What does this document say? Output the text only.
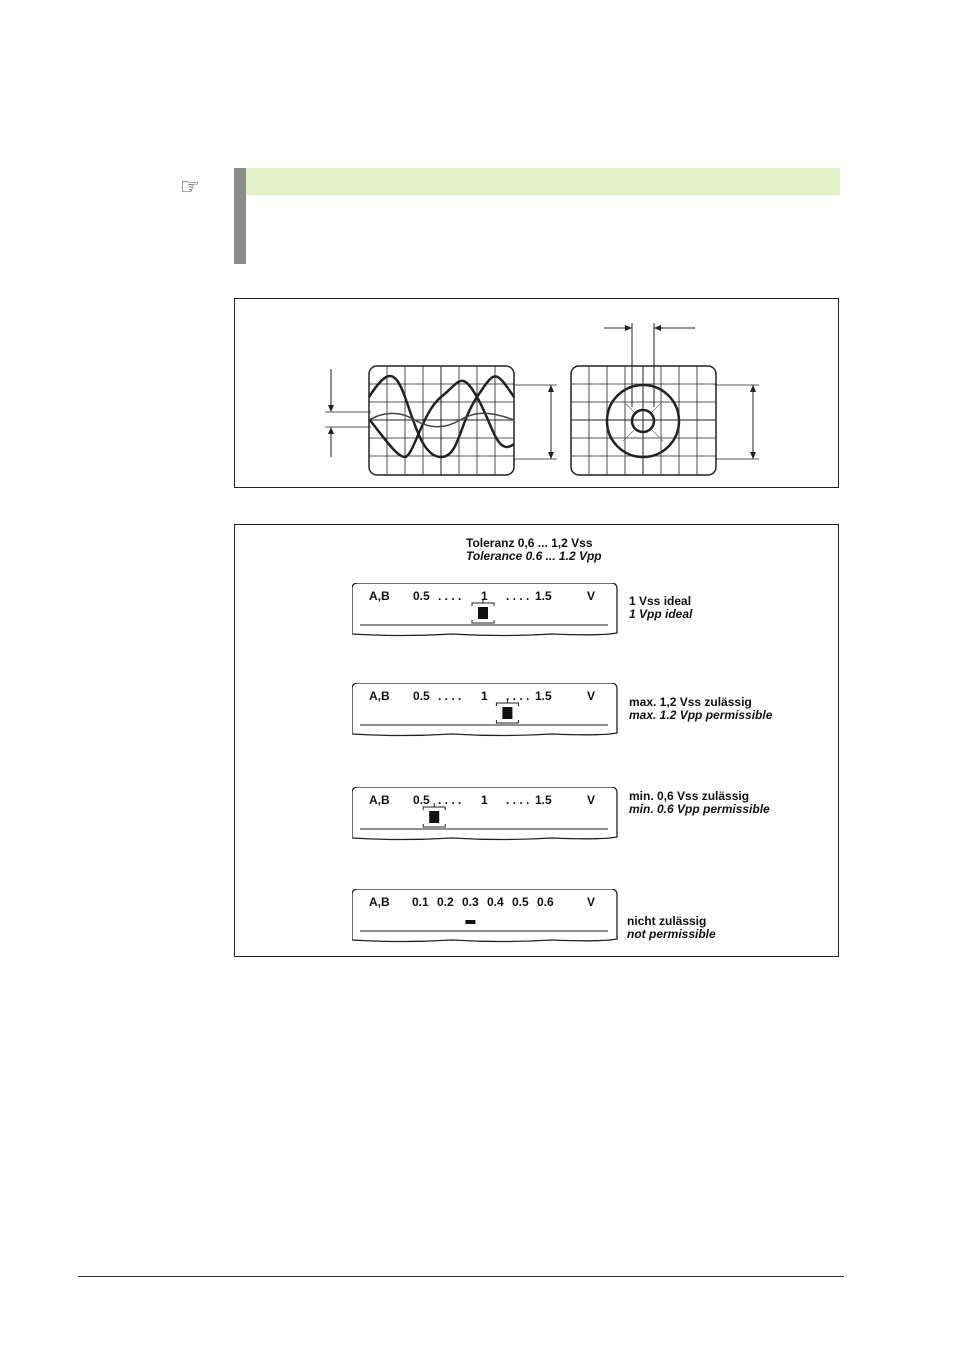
☞
Toleranz 0,6 ... 1,2 Vss
Tolerance 0.6 ... 1.2 Vpp
A,B 0.5 . . . . 1 . . . . 1.5	V	1 Vss ideal
1 Vpp ideal
A,B 0.5 . . . . 1 . . . . 1.5	V	max. 1,2 Vss zulässig
max. 1.2 Vpp permissible
A,B 0.5 . . . . 1 . . . . 1.5	V	min. 0,6 Vss zulässig
min. 0.6 Vpp permissible
A,B 0.1 0.2 0.3 0.4 0.5 0.6	V
nicht zulässig
not permissible
